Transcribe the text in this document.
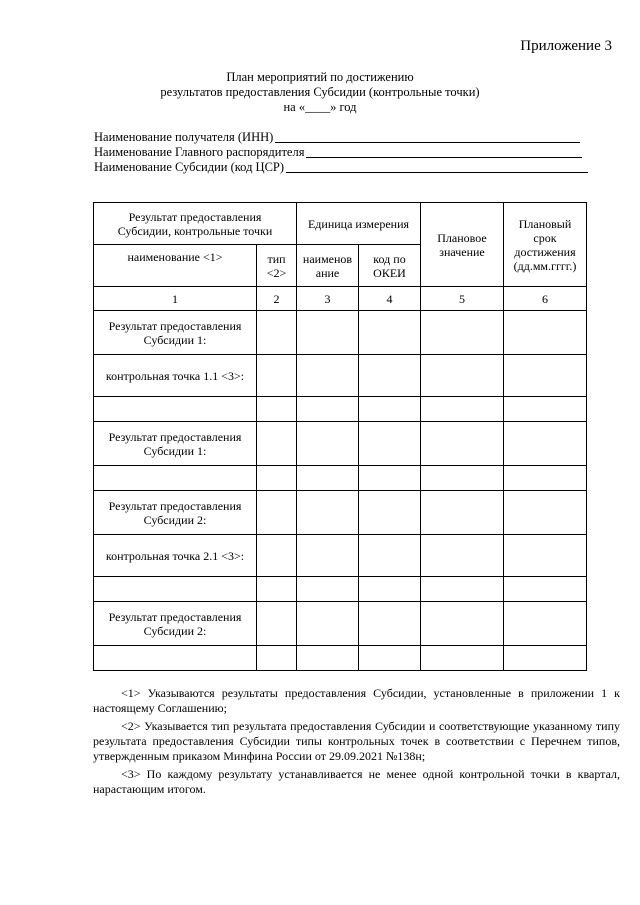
Приложение 3
План мероприятий по достижению
результатов предоставления Субсидии (контрольные точки)
на «____» год
Наименование получателя (ИНН)
Наименование Главного распорядителя
Наименование Субсидии (код ЦСР)
Результат предоставления Субсидии, контрольные точки		Единица измерения		Плановое значение	Плановый срок достижения (дд.мм.гггг.)

наименование <1>	тип <2>	наименов ание	код по ОКЕИ		

1	2	3	4	5	6
Результат предоставления Субсидии 1:					
контрольная точка 1.1 <3>:					

Результат предоставления Субсидии 1:					

Результат предоставления Субсидии 2:					
контрольная точка 2.1 <3>:					

Результат предоставления Субсидии 2:					

<1> Указываются результаты предоставления Субсидии, установленные в приложении 1 к настоящему Соглашению;

<2> Указывается тип результата предоставления Субсидии и соответствующие указанному типу результата предоставления Субсидии типы контрольных точек в соответствии с Перечнем типов, утвержденным приказом Минфина России от 29.09.2021 №138н;

<3> По каждому результату устанавливается не менее одной контрольной точки в квартал, нарастающим итогом.
